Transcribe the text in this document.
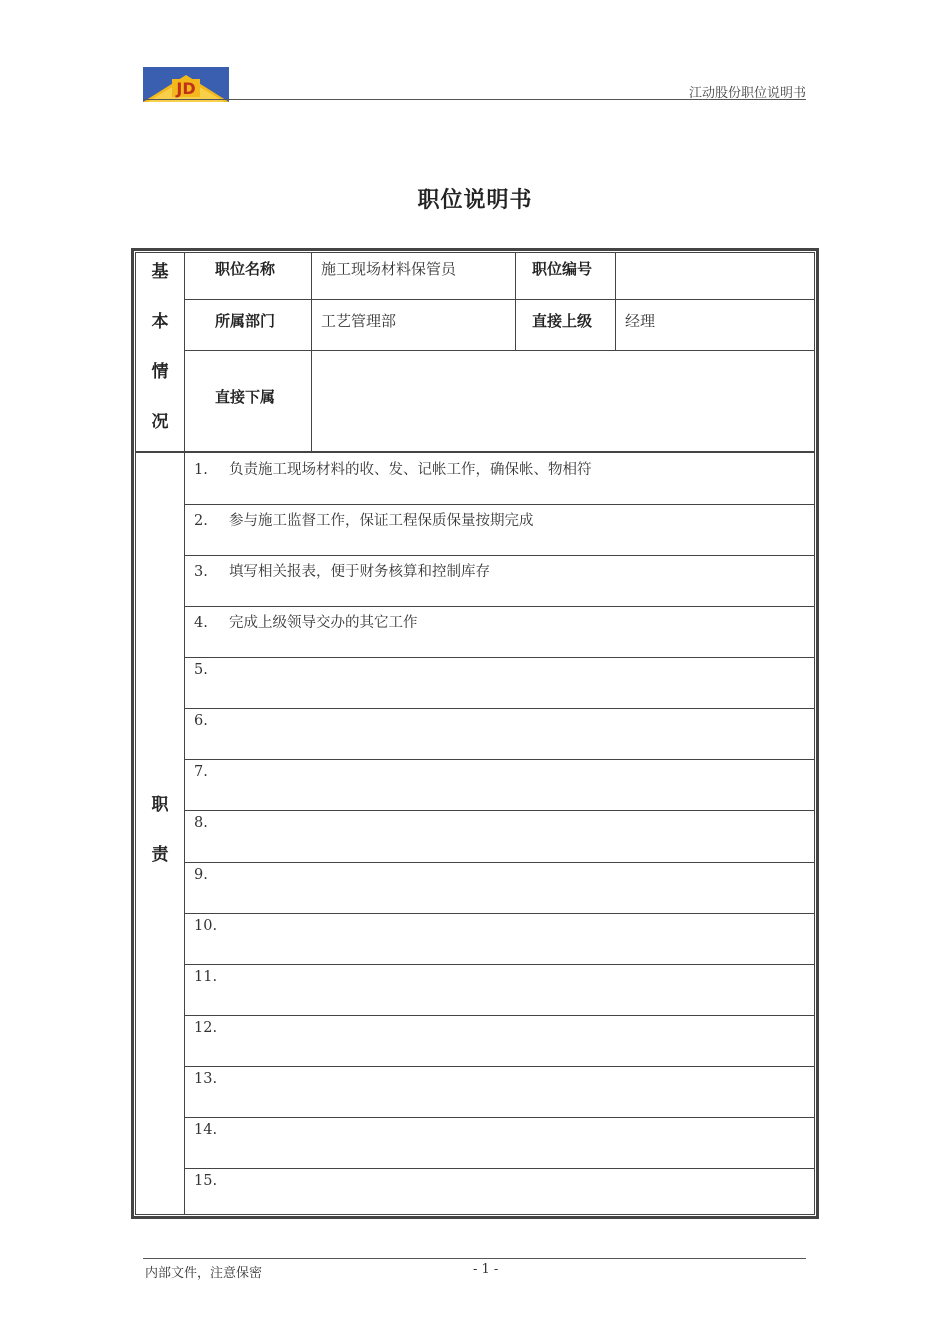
JD	江动股份职位说明书
职位说明书
基
本
情
况
职位名称	施工现场材料保管员	职位编号
所属部门	工艺管理部	直接上级 经理
直接下属
职
责
1. 负责施工现场材料的收、发、记帐工作，确保帐、物相符
2. 参与施工监督工作，保证工程保质保量按期完成
3. 填写相关报表，便于财务核算和控制库存
4. 完成上级领导交办的其它工作
5.
6.
7.
8.
9.
10.
11.
12.
13.
14.
15.
内部文件，注意保密	- 1 -
